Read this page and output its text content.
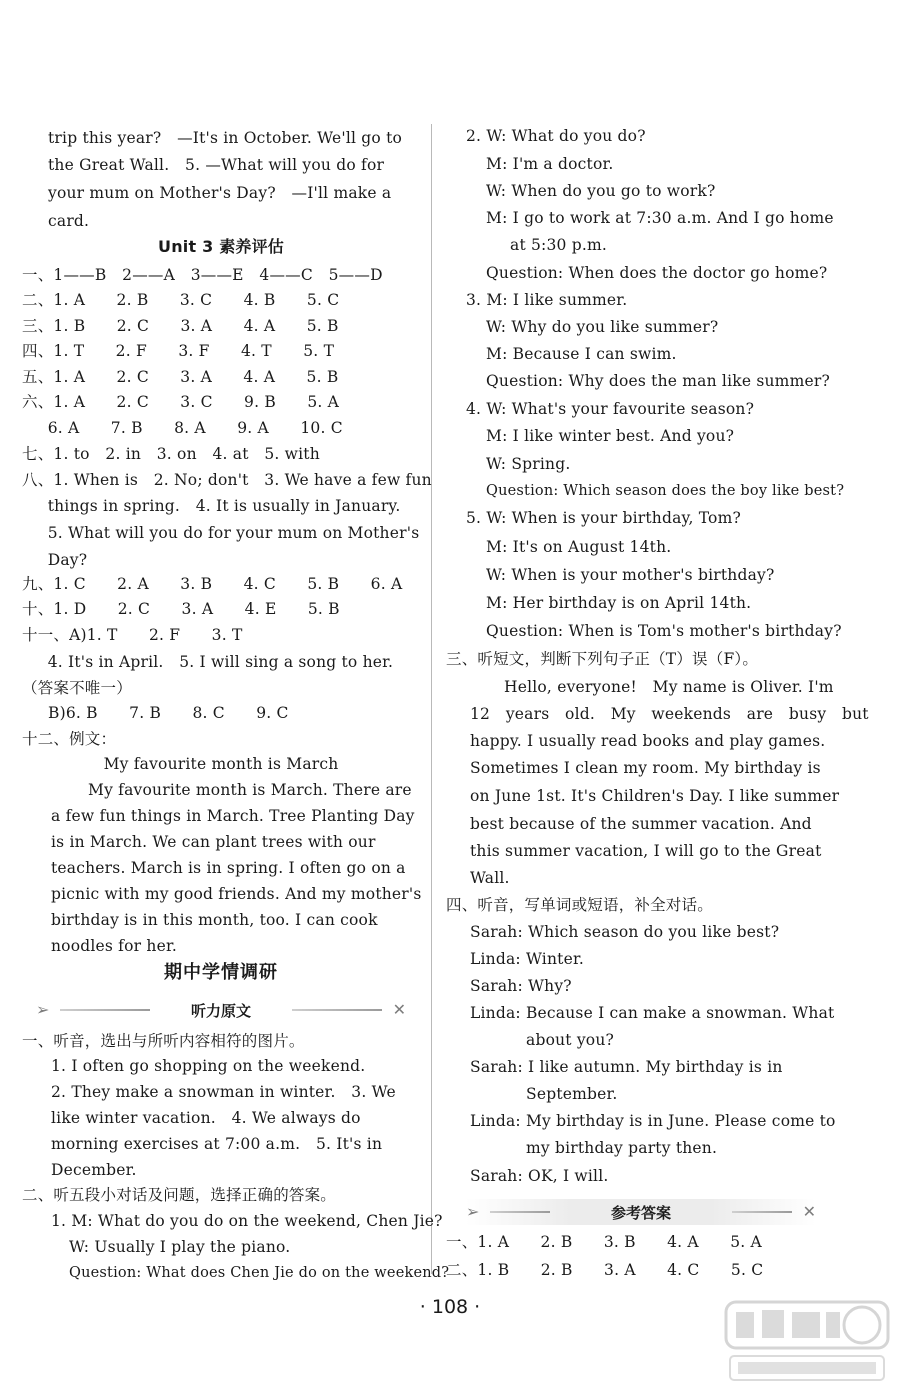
trip this year?　—It's in October. We'll go to
the Great Wall.　5. —What will you do for
your mum on Mother's Day?　—I'll make a
card.
Unit 3 素养评估
一、1——B　2——A　3——E　4——C　5——D
二、1. A　　2. B　　3. C　　4. B　　5. C
三、1. B　　2. C　　3. A　　4. A　　5. B
四、1. T　　2. F　　3. F　　4. T　　5. T
五、1. A　　2. C　　3. A　　4. A　　5. B
六、1. A　　2. C　　3. C　　9. B　　5. A
　6. A　　7. B　　8. A　　9. A　　10. C
七、1. to　2. in　3. on　4. at　5. with
八、1. When is　2. No; don't　3. We have a few fun
　things in spring.　4. It is usually in January.
　5. What will you do for your mum on Mother's
　Day?
九、1. C　　2. A　　3. B　　4. C　　5. B　　6. A
十、1. D　　2. C　　3. A　　4. E　　5. B
十一、A)1. T　　2. F　　3. T
　4. It's in April.　5. I will sing a song to her.
（答案不唯一）
B)6. B　　7. B　　8. C　　9. C
十二、例文：
My favourite month is March
My favourite month is March. There are
a few fun things in March. Tree Planting Day
is in March. We can plant trees with our
teachers. March is in spring. I often go on a
picnic with my good friends. And my mother's
birthday is in this month, too. I can cook
noodles for her.
期中学情调研
➢	听力原文	✕
一、听音，选出与所听内容相符的图片。
1. I often go shopping on the weekend.
2. They make a snowman in winter.　3. We
like winter vacation.　4. We always do
morning exercises at 7:00 a.m.　5. It's in
December.
二、听五段小对话及问题，选择正确的答案。
1. M: What do you do on the weekend, Chen Jie?
W: Usually I play the piano.
Question: What does Chen Jie do on the weekend?
2. W: What do you do?
M: I'm a doctor.
W: When do you go to work?
M: I go to work at 7:30 a.m. And I go home
at 5:30 p.m.
Question: When does the doctor go home?
3. M: I like summer.
W: Why do you like summer?
M: Because I can swim.
Question: Why does the man like summer?
4. W: What's your favourite season?
M: I like winter best. And you?
W: Spring.
Question: Which season does the boy like best?
5. W: When is your birthday, Tom?
M: It's on August 14th.
W: When is your mother's birthday?
M: Her birthday is on April 14th.
Question: When is Tom's mother's birthday?
三、听短文，判断下列句子正（T）误（F）。
Hello, everyone!　My name is Oliver. I'm
12　years　old.　My　weekends　are　busy　but
happy. I usually read books and play games.
Sometimes I clean my room. My birthday is
on June 1st. It's Children's Day. I like summer
best because of the summer vacation. And
this summer vacation, I will go to the Great
Wall.
四、听音，写单词或短语，补全对话。
Sarah: Which season do you like best?
Linda: Winter.
Sarah: Why?
Linda: Because I can make a snowman. What
about you?
Sarah: I like autumn. My birthday is in
September.
Linda: My birthday is in June. Please come to
my birthday party then.
Sarah: OK, I will.
➢	参考答案	✕
一、1. A　　2. B　　3. B　　4. A　　5. A
二、1. B　　2. B　　3. A　　4. C　　5. C
· 108 ·
